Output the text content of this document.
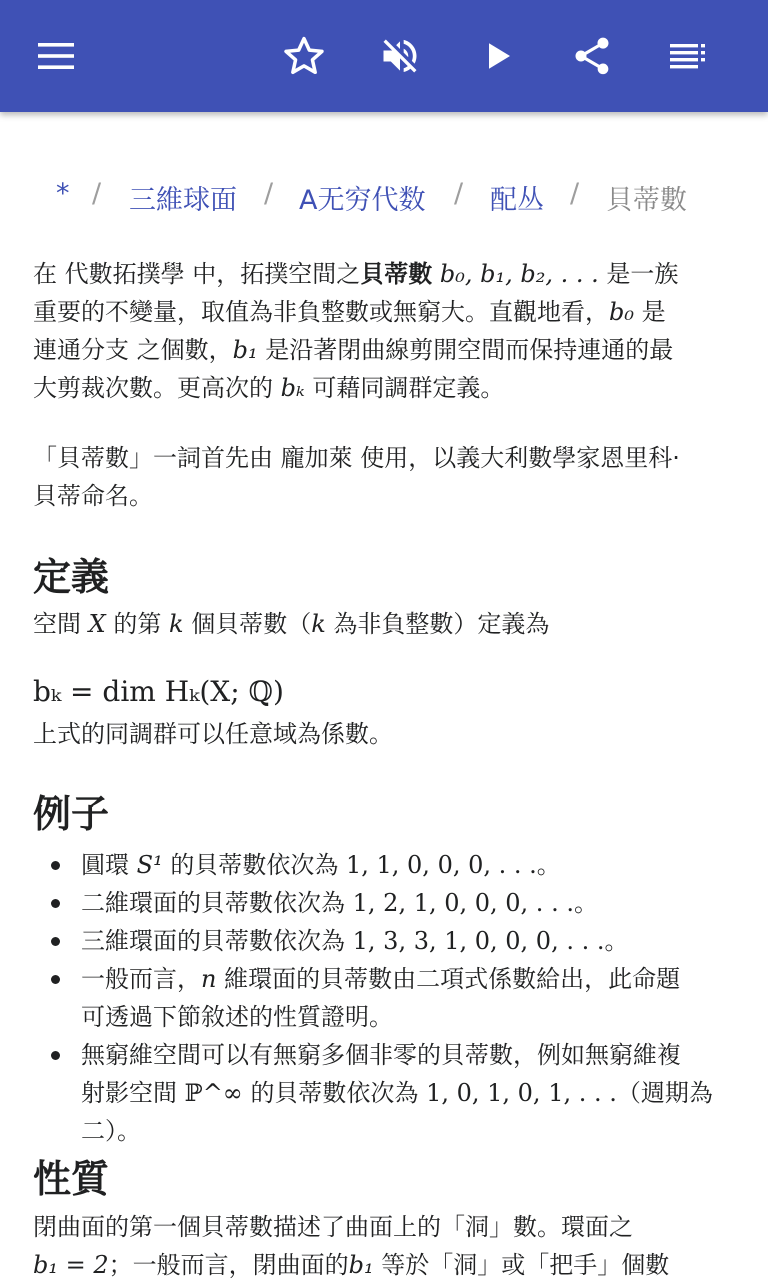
* / 三維球面 / A无穷代数 / 配丛 / 貝蒂數
在 代數拓撲學 中，拓撲空間之貝蒂數 b₀, b₁, b₂, . . . 是一族
重要的不變量，取值為非負整數或無窮大。直觀地看，b₀ 是
連通分支 之個數，b₁ 是沿著閉曲線剪開空間而保持連通的最
大剪裁次數。更高次的 bₖ 可藉同調群定義。
「貝蒂數」一詞首先由 龐加萊 使用，以義大利數學家恩里科·
貝蒂命名。
定義
空間 X 的第 k 個貝蒂數（k 為非負整數）定義為
bₖ = dim Hₖ(X; ℚ)
上式的同調群可以任意域為係數。
例子
圓環 S¹ 的貝蒂數依次為 1, 1, 0, 0, 0, . . .。
二維環面的貝蒂數依次為 1, 2, 1, 0, 0, 0, . . .。
三維環面的貝蒂數依次為 1, 3, 3, 1, 0, 0, 0, . . .。
一般而言，n 維環面的貝蒂數由二項式係數給出，此命題
可透過下節敘述的性質證明。
無窮維空間可以有無窮多個非零的貝蒂數，例如無窮維複
射影空間 ℙ^∞ 的貝蒂數依次為 1, 0, 1, 0, 1, . . .（週期為
二）。
性質
閉曲面的第一個貝蒂數描述了曲面上的「洞」數。環面之
b₁ = 2；一般而言，閉曲面的b₁ 等於「洞」或「把手」個數
